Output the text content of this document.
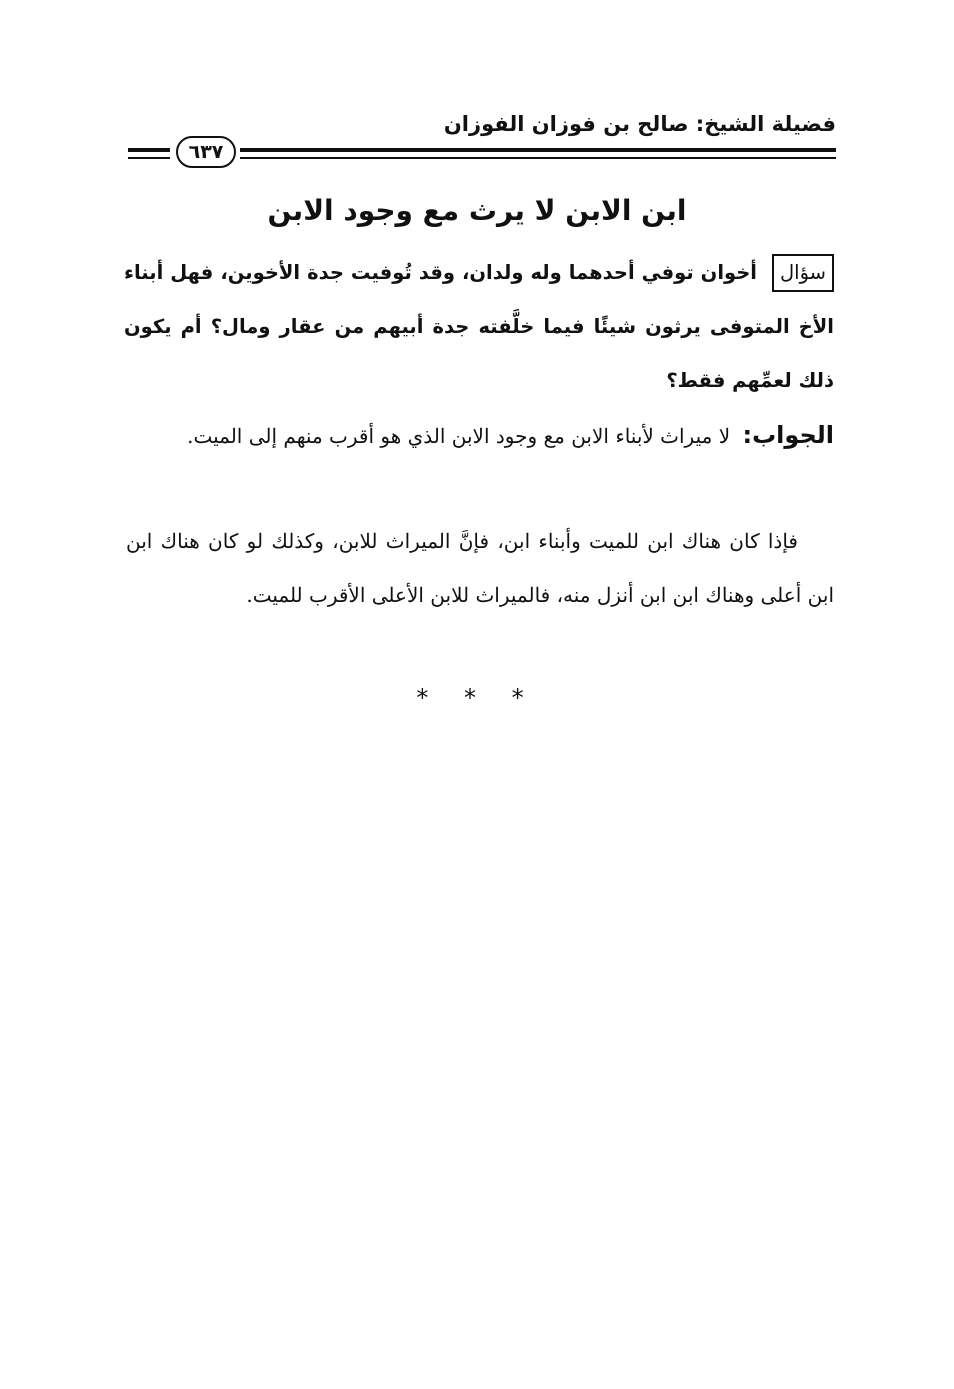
فضيلة الشيخ: صالح بن فوزان الفوزان
٦٣٧
ابن الابن لا يرث مع وجود الابن
سؤال أخوان توفي أحدهما وله ولدان، وقد تُوفيت جدة الأخوين، فهل أبناء الأخ المتوفى يرثون شيئًا فيما خلَّفته جدة أبيهم من عقار ومال؟ أم يكون ذلك لعمِّهم فقط؟
الجواب: لا ميراث لأبناء الابن مع وجود الابن الذي هو أقرب منهم إلى الميت.
فإذا كان هناك ابن للميت وأبناء ابن، فإنَّ الميراث للابن، وكذلك لو كان هناك ابن ابن أعلى وهناك ابن ابن أنزل منه، فالميراث للابن الأعلى الأقرب للميت.
* * *
